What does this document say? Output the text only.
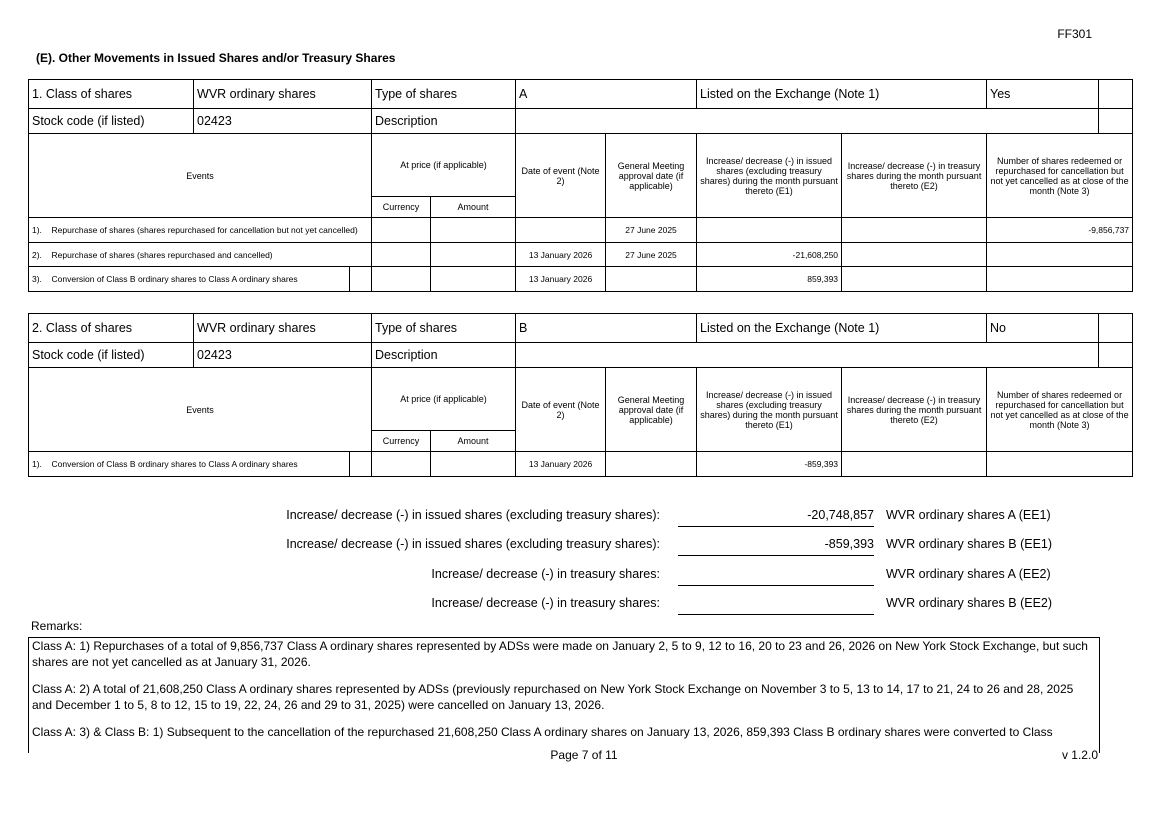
FF301
(E). Other Movements in Issued Shares and/or Treasury Shares
1. Class of shares		WVR ordinary shares		Type of shares		A		Listed on the Exchange (Note 1)		Yes	
Stock code (if listed)		02423		Description							
Events				At price (if applicable)		Date of event (Note 2)	General Meeting approval date (if applicable)	Increase/ decrease (-) in issued shares (excluding treasury shares) during the month pursuant thereto (E1)	Increase/ decrease (-) in treasury shares during the month pursuant thereto (E2)	Number of shares redeemed or repurchased for cancellation but not yet cancelled as at close of the month (Note 3)	
				Currency	Amount						
1).	Repurchase of shares (shares repurchased for cancellation but not yet cancelled)						27 June 2025			-9,856,737	
2).	Repurchase of shares (shares repurchased and cancelled)					13 January 2026	27 June 2025	-21,608,250			
3).	Conversion of Class B ordinary shares to Class A ordinary shares					13 January 2026		859,393			
2. Class of shares		WVR ordinary shares		Type of shares		B		Listed on the Exchange (Note 1)		No	
Stock code (if listed)		02423		Description							
Events				At price (if applicable)		Date of event (Note 2)	General Meeting approval date (if applicable)	Increase/ decrease (-) in issued shares (excluding treasury shares) during the month pursuant thereto (E1)	Increase/ decrease (-) in treasury shares during the month pursuant thereto (E2)	Number of shares redeemed or repurchased for cancellation but not yet cancelled as at close of the month (Note 3)	
				Currency	Amount						
1).	Conversion of Class B ordinary shares to Class A ordinary shares					13 January 2026		-859,393			
Increase/ decrease (-) in issued shares (excluding treasury shares):	-20,748,857 WVR ordinary shares A (EE1)
Increase/ decrease (-) in issued shares (excluding treasury shares):	-859,393 WVR ordinary shares B (EE1)
Increase/ decrease (-) in treasury shares:	WVR ordinary shares A (EE2)
Increase/ decrease (-) in treasury shares:	WVR ordinary shares B (EE2)
Remarks:

Class A: 1) Repurchases of a total of 9,856,737 Class A ordinary shares represented by ADSs were made on January 2, 5 to 9, 12 to 16, 20 to 23 and 26, 2026 on New York Stock Exchange, but such shares are not yet cancelled as at January 31, 2026.

Class A: 2) A total of 21,608,250 Class A ordinary shares represented by ADSs (previously repurchased on New York Stock Exchange on November 3 to 5, 13 to 14, 17 to 21, 24 to 26 and 28, 2025 and December 1 to 5, 8 to 12, 15 to 19, 22, 24, 26 and 29 to 31, 2025) were cancelled on January 13, 2026.

Class A: 3) & Class B: 1) Subsequent to the cancellation of the repurchased 21,608,250 Class A ordinary shares on January 13, 2026, 859,393 Class B ordinary shares were converted to Class

Page 7 of 11	v 1.2.0
